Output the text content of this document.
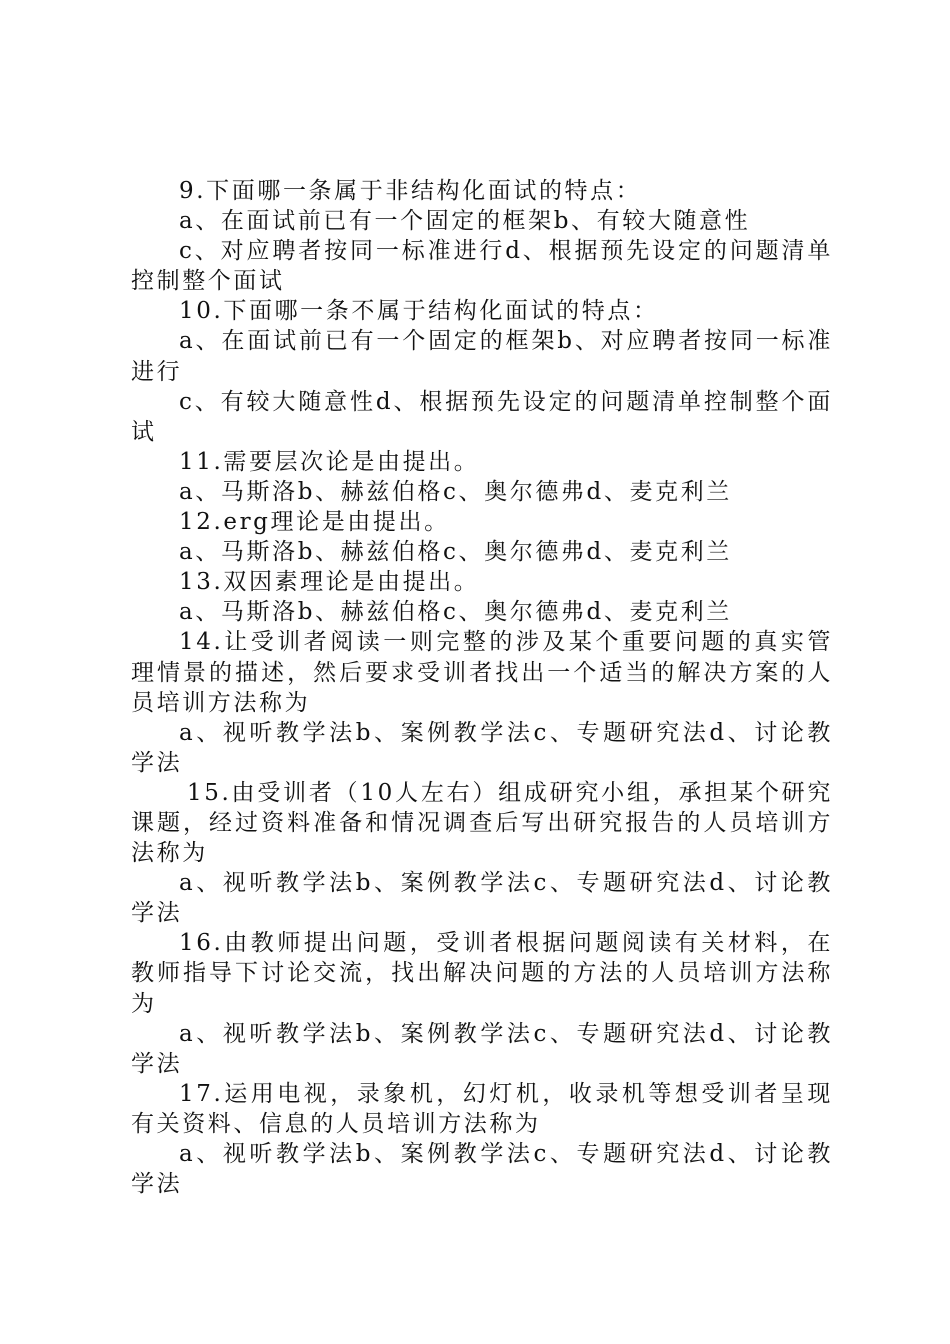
9.下面哪一条属于非结构化面试的特点：

a、在面试前已有一个固定的框架b、有较大随意性

c、对应聘者按同一标准进行d、根据预先设定的问题清单控制整个面试

10.下面哪一条不属于结构化面试的特点：

a、在面试前已有一个固定的框架b、对应聘者按同一标准进行

c、有较大随意性d、根据预先设定的问题清单控制整个面试

11.需要层次论是由提出。

a、马斯洛b、赫兹伯格c、奥尔德弗d、麦克利兰

12.erg理论是由提出。

a、马斯洛b、赫兹伯格c、奥尔德弗d、麦克利兰

13.双因素理论是由提出。

a、马斯洛b、赫兹伯格c、奥尔德弗d、麦克利兰

14.让受训者阅读一则完整的涉及某个重要问题的真实管理情景的描述，然后要求受训者找出一个适当的解决方案的人员培训方法称为

a、视听教学法b、案例教学法c、专题研究法d、讨论教学法

15.由受训者（10人左右）组成研究小组，承担某个研究课题，经过资料准备和情况调查后写出研究报告的人员培训方法称为

a、视听教学法b、案例教学法c、专题研究法d、讨论教学法

16.由教师提出问题，受训者根据问题阅读有关材料，在教师指导下讨论交流，找出解决问题的方法的人员培训方法称为

a、视听教学法b、案例教学法c、专题研究法d、讨论教学法

17.运用电视，录象机，幻灯机，收录机等想受训者呈现有关资料、信息的人员培训方法称为

a、视听教学法b、案例教学法c、专题研究法d、讨论教学法
